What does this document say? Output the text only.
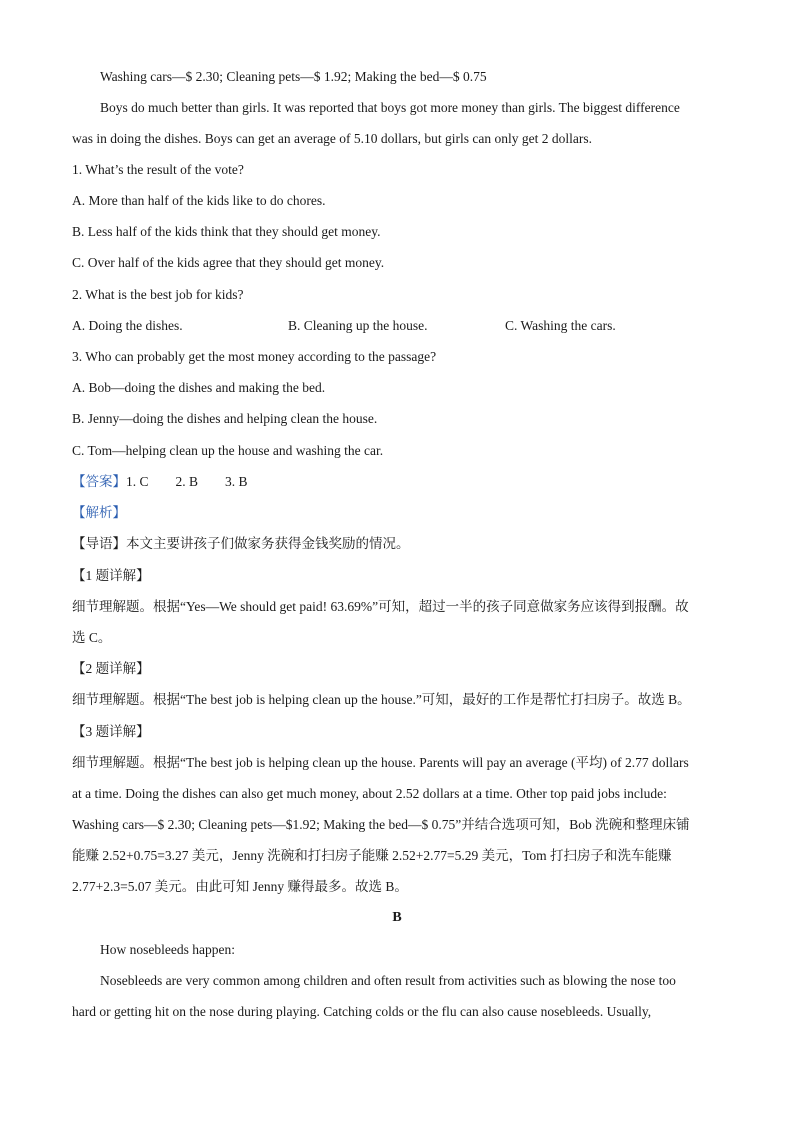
Washing cars—$ 2.30; Cleaning pets—$ 1.92; Making the bed—$ 0.75
Boys do much better than girls. It was reported that boys got more money than girls. The biggest difference
was in doing the dishes. Boys can get an average of 5.10 dollars, but girls can only get 2 dollars.
1. What’s the result of the vote?
A. More than half of the kids like to do chores.
B. Less half of the kids think that they should get money.
C. Over half of the kids agree that they should get money.
2. What is the best job for kids?
A. Doing the dishes.	B. Cleaning up the house.	C. Washing the cars.
3. Who can probably get the most money according to the passage?
A. Bob—doing the dishes and making the bed.
B. Jenny—doing the dishes and helping clean the house.
C. Tom—helping clean up the house and washing the car.
【答案】1. C　　2. B　　3. B
【解析】
【导语】本文主要讲孩子们做家务获得金钱奖励的情况。
【1 题详解】
细节理解题。根据“Yes—We should get paid! 63.69%”可知，超过一半的孩子同意做家务应该得到报酬。故
选 C。
【2 题详解】
细节理解题。根据“The best job is helping clean up the house.”可知，最好的工作是帮忙打扫房子。故选 B。
【3 题详解】
细节理解题。根据“The best job is helping clean up the house. Parents will pay an average (平均) of 2.77 dollars
at a time. Doing the dishes can also get much money, about 2.52 dollars at a time. Other top paid jobs include:
Washing cars—$ 2.30; Cleaning pets—$1.92; Making the bed—$ 0.75”并结合选项可知，Bob 洗碗和整理床铺
能赚 2.52+0.75=3.27 美元，Jenny 洗碗和打扫房子能赚 2.52+2.77=5.29 美元，Tom 打扫房子和洗车能赚
2.77+2.3=5.07 美元。由此可知 Jenny 赚得最多。故选 B。
B
How nosebleeds happen:
Nosebleeds are very common among children and often result from activities such as blowing the nose too
hard or getting hit on the nose during playing. Catching colds or the flu can also cause nosebleeds. Usually,
